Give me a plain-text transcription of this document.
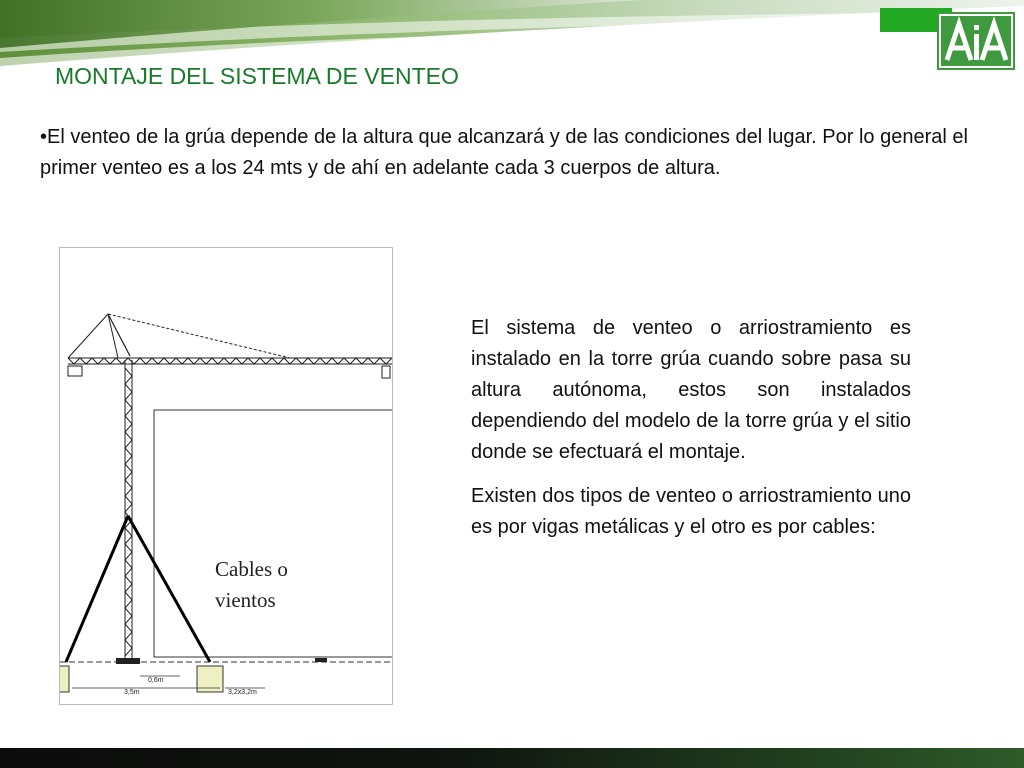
MONTAJE DEL SISTEMA DE VENTEO
•El venteo de la grúa depende de la altura que alcanzará y de las condiciones del lugar. Por lo general el primer venteo es a los 24 mts y de ahí en adelante cada 3 cuerpos de altura.
0,6m
3,5m	3,2x3,2m
Cables o vientos

El sistema de venteo o arriostramiento es instalado en la torre grúa cuando sobre pasa su altura autónoma, estos son instalados dependiendo del modelo de la torre grúa y el sitio donde se efectuará el montaje.

Existen dos tipos de venteo o arriostramiento uno es por vigas metálicas y el otro es por cables:
